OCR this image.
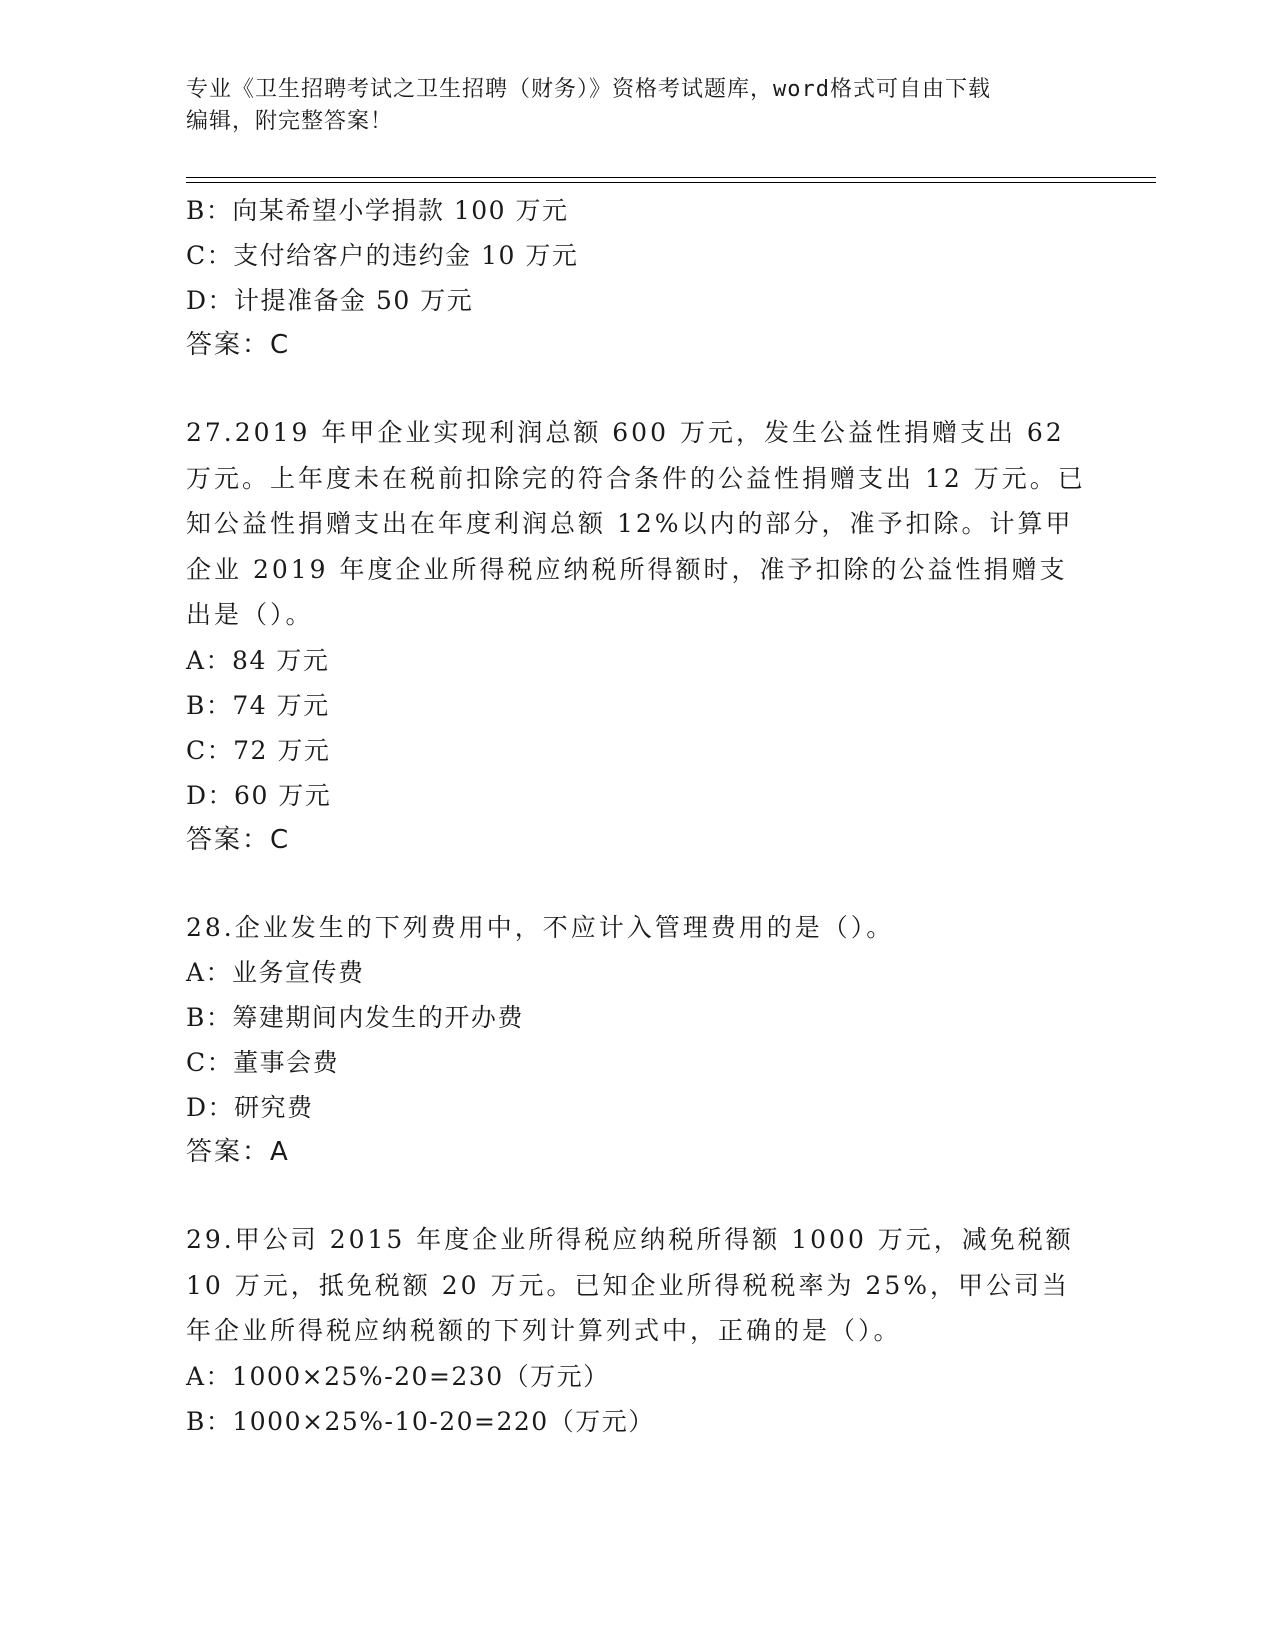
专业《卫生招聘考试之卫生招聘（财务）》资格考试题库，word格式可自由下载
编辑，附完整答案！
B：向某希望小学捐款 100 万元
C：支付给客户的违约金 10 万元
D：计提准备金 50 万元
答案：C
27.2019 年甲企业实现利润总额 600 万元，发生公益性捐赠支出 62 万元。上年度未在税前扣除完的符合条件的公益性捐赠支出 12 万元。已知公益性捐赠支出在年度利润总额 12%以内的部分，准予扣除。计算甲企业 2019 年度企业所得税应纳税所得额时，准予扣除的公益性捐赠支出是（）。
A：84 万元
B：74 万元
C：72 万元
D：60 万元
答案：C
28.企业发生的下列费用中，不应计入管理费用的是（）。
A：业务宣传费
B：筹建期间内发生的开办费
C：董事会费
D：研究费
答案：A
29.甲公司 2015 年度企业所得税应纳税所得额 1000 万元，减免税额 10 万元，抵免税额 20 万元。已知企业所得税税率为 25%，甲公司当年企业所得税应纳税额的下列计算列式中，正确的是（）。
A：1000×25%-20=230（万元）
B：1000×25%-10-20=220（万元）
